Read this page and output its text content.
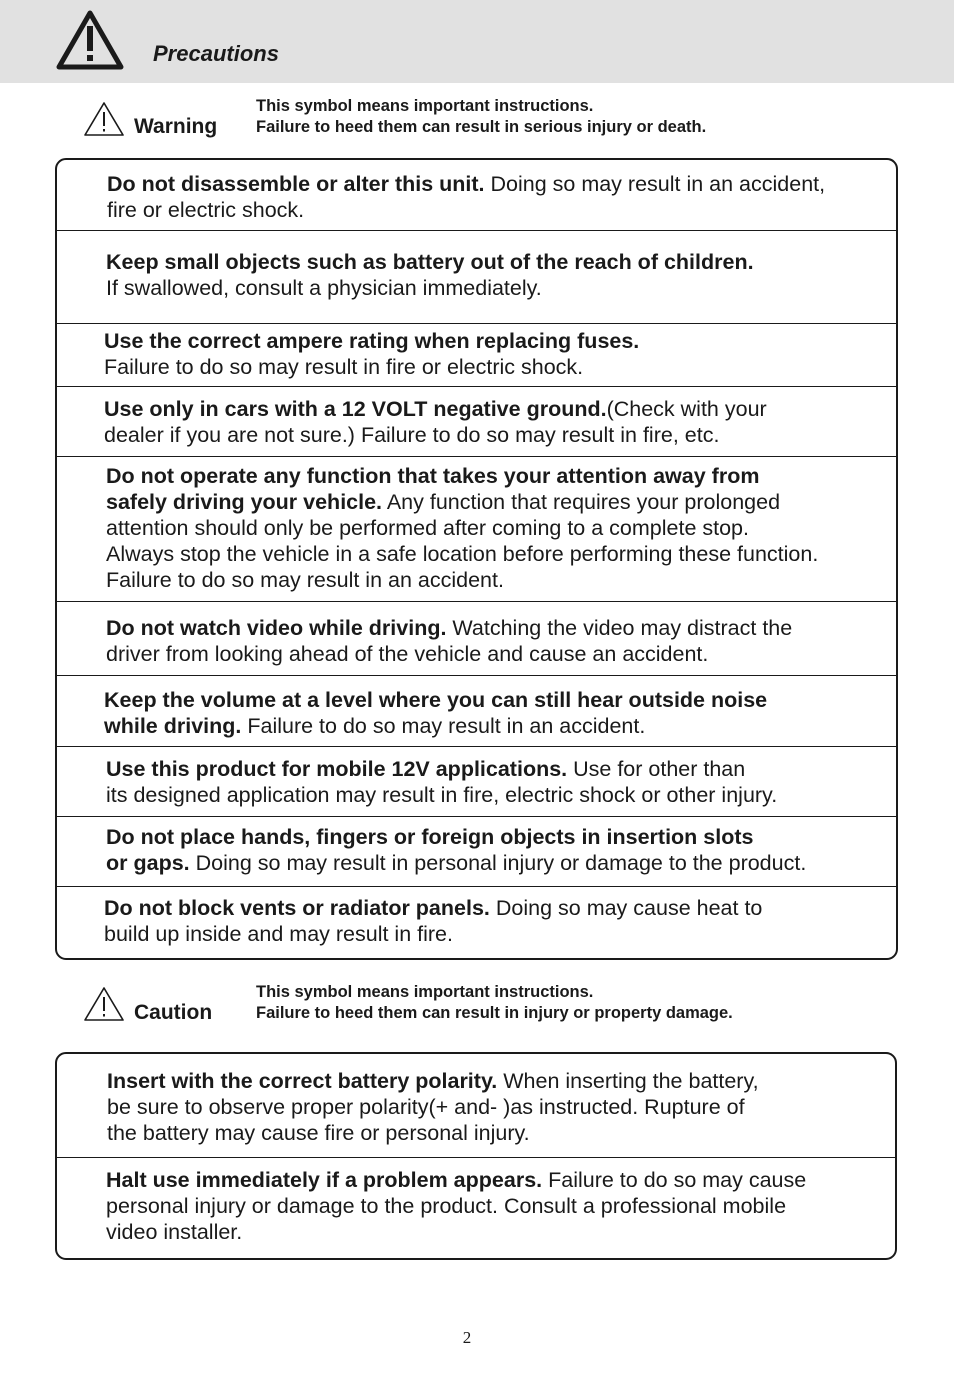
Precautions
Warning
This symbol means important instructions.
Failure to heed them can result in serious injury or death.

Do not disassemble or alter this unit. Doing so may result in an accident,

fire or electric shock.

Keep small objects such as battery out of the reach of children.

If swallowed, consult a physician immediately.

Use the correct ampere rating when replacing fuses.

Failure to do so may result in fire or electric shock.

Use only in cars with a 12 VOLT negative ground.(Check with your

dealer if you are not sure.) Failure to do so may result in fire, etc.

Do not operate any function that takes your attention away from

safely driving your vehicle. Any function that requires your prolonged

attention should only be performed after coming to a complete stop.

Always stop the vehicle in a safe location before performing these function.

Failure to do so may result in an accident.

Do not watch video while driving. Watching the video may distract the

driver from looking ahead of the vehicle and cause an accident.

Keep the volume at a level where you can still hear outside noise

while driving. Failure to do so may result in an accident.

Use this product for mobile 12V applications. Use for other than

its designed application may result in fire, electric shock or other injury.

Do not place hands, fingers or foreign objects in insertion slots

or gaps. Doing so may result in personal injury or damage to the product.

Do not block vents or radiator panels. Doing so may cause heat to

build up inside and may result in fire.

Caution
This symbol means important instructions.
Failure to heed them can result in injury or property damage.

Insert with the correct battery polarity. When inserting the battery,

be sure to observe proper polarity(+ and- )as instructed. Rupture of

the battery may cause fire or personal injury.

Halt use immediately if a problem appears. Failure to do so may cause

personal injury or damage to the product. Consult a professional mobile

video installer.

2
